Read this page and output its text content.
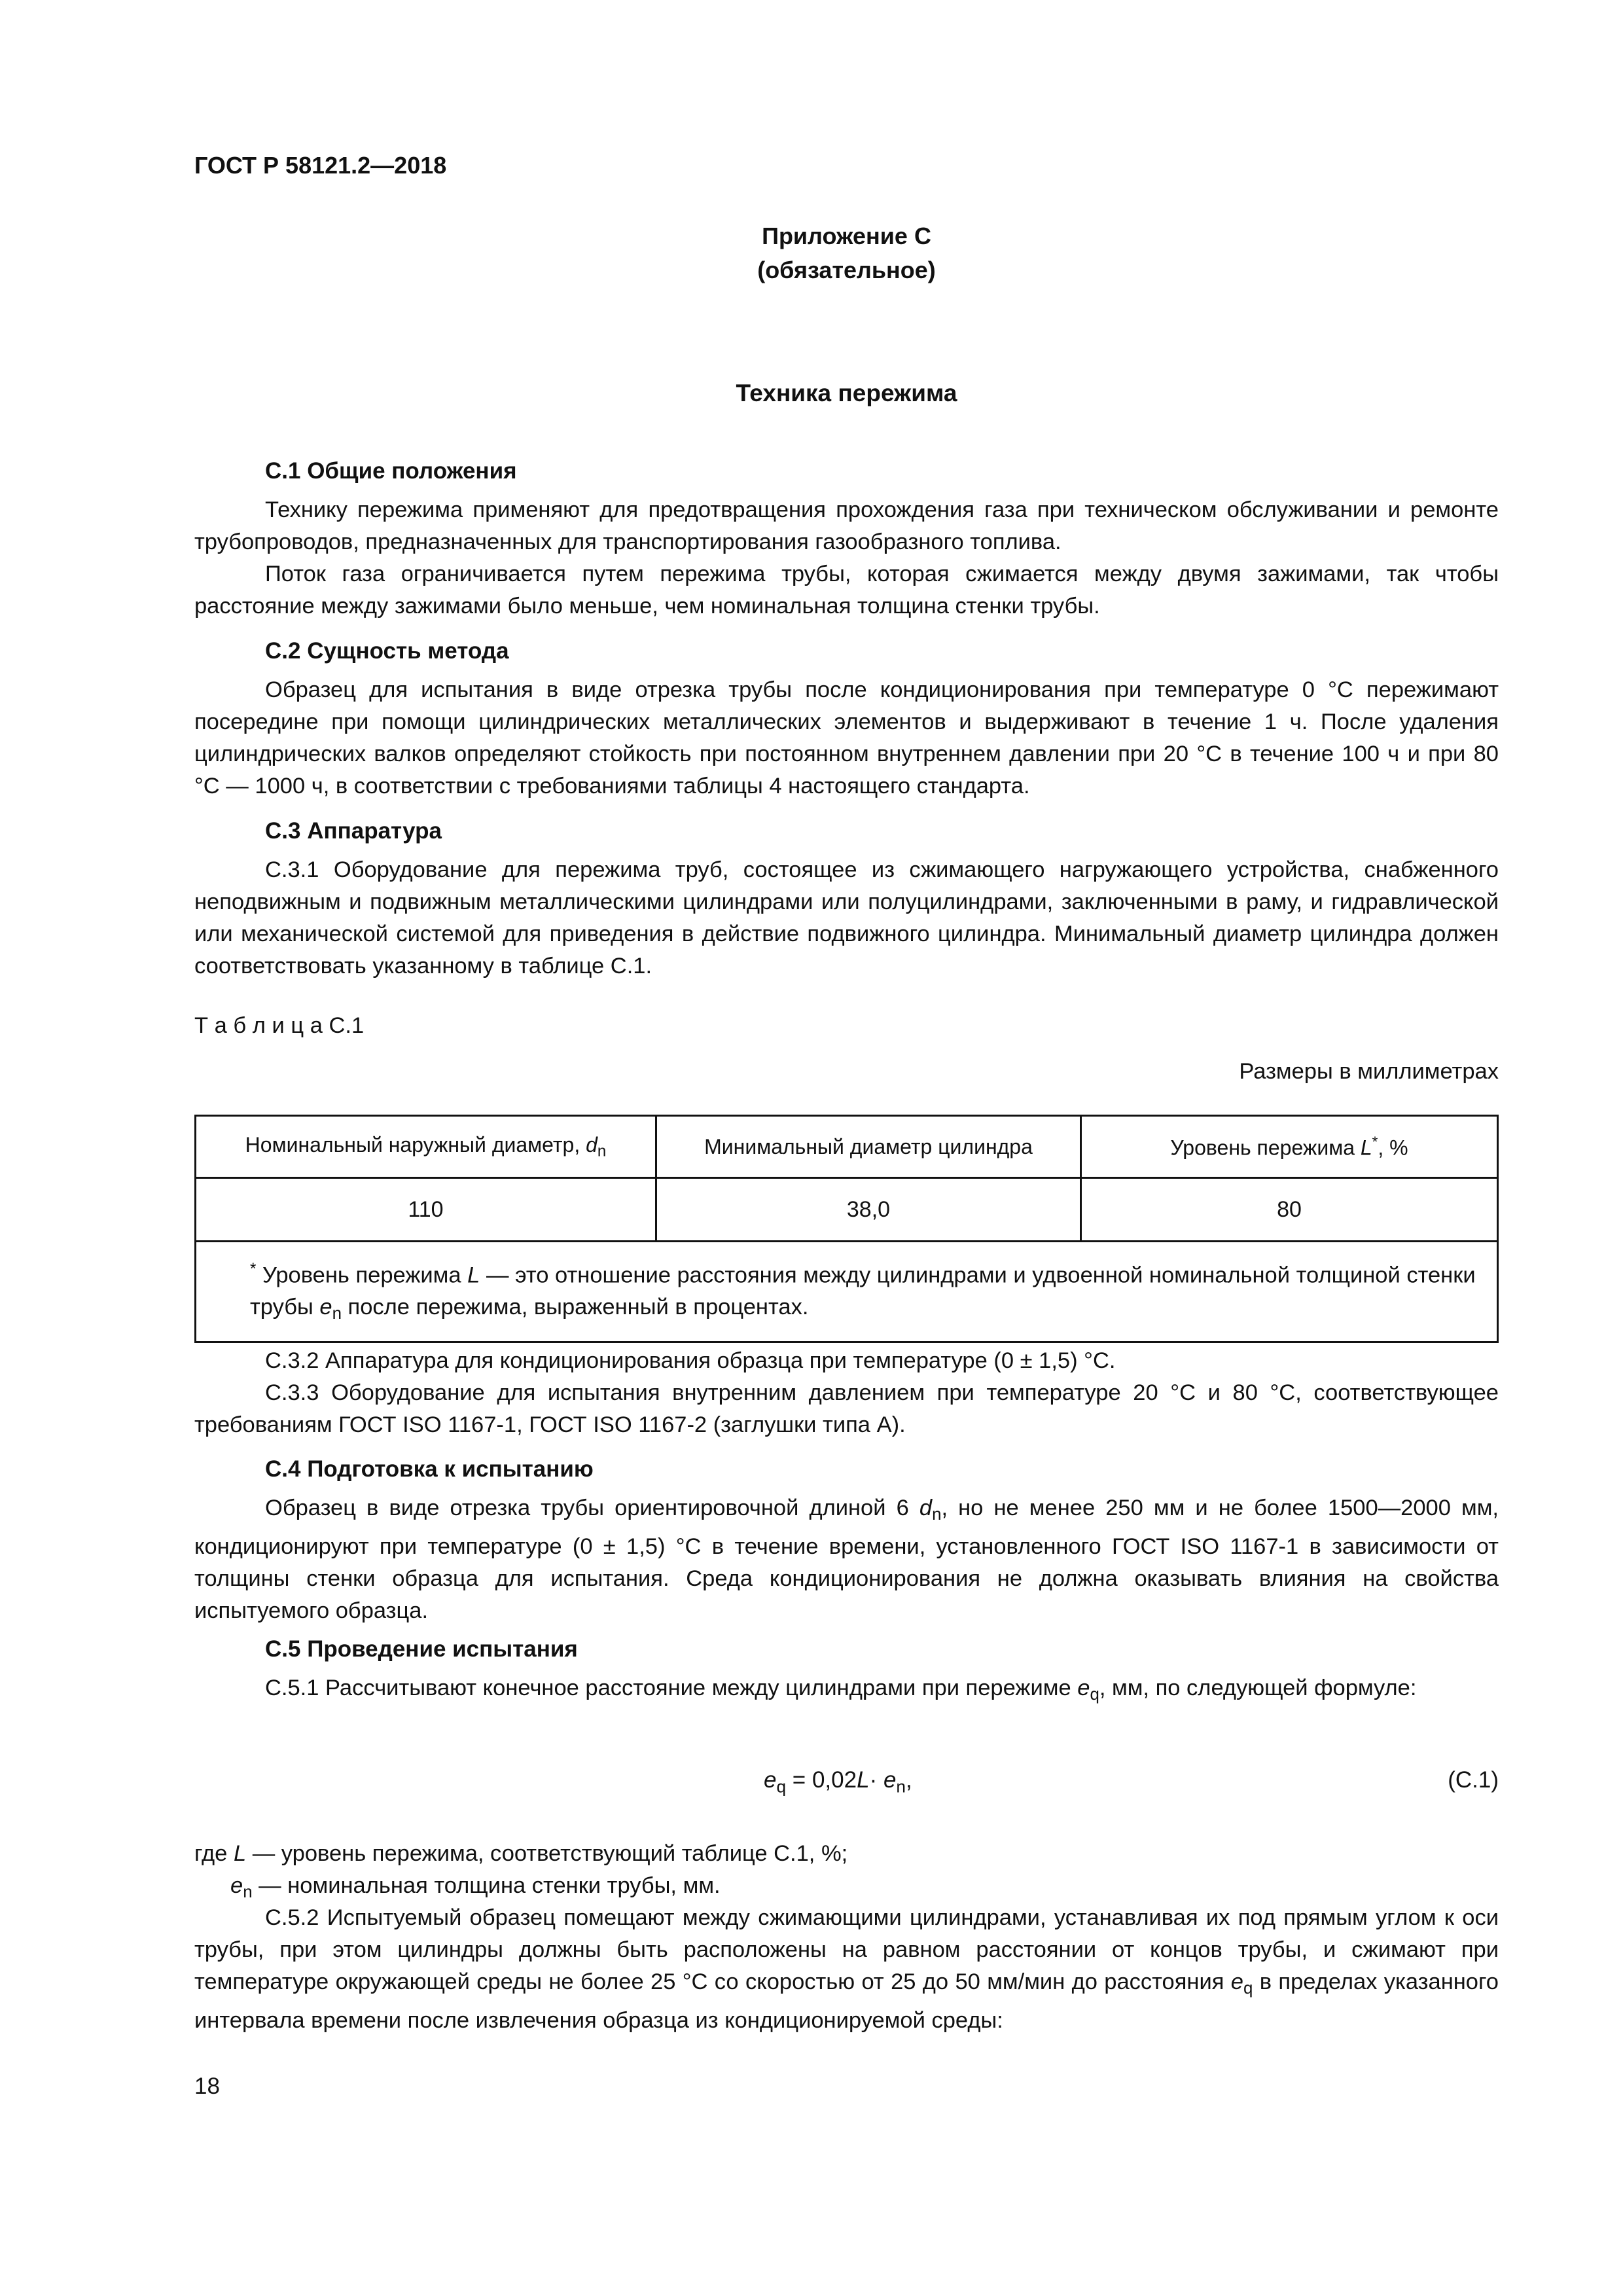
ГОСТ Р 58121.2—2018
Приложение С
(обязательное)
Техника пережима
С.1 Общие положения
Технику пережима применяют для предотвращения прохождения газа при техническом обслуживании и ремонте трубопроводов, предназначенных для транспортирования газообразного топлива.
Поток газа ограничивается путем пережима трубы, которая сжимается между двумя зажимами, так чтобы расстояние между зажимами было меньше, чем номинальная толщина стенки трубы.
С.2 Сущность метода
Образец для испытания в виде отрезка трубы после кондиционирования при температуре 0 °С пережимают посередине при помощи цилиндрических металлических элементов и выдерживают в течение 1 ч. После удаления цилиндрических валков определяют стойкость при постоянном внутреннем давлении при 20 °С в течение 100 ч и при 80 °С — 1000 ч, в соответствии с требованиями таблицы 4 настоящего стандарта.
С.3 Аппаратура
С.3.1 Оборудование для пережима труб, состоящее из сжимающего нагружающего устройства, снабженного неподвижным и подвижным металлическими цилиндрами или полуцилиндрами, заключенными в раму, и гидравлической или механической системой для приведения в действие подвижного цилиндра. Минимальный диаметр цилиндра должен соответствовать указанному в таблице С.1.
Т а б л и ц а С.1
Размеры в миллиметрах
Номинальный наружный диаметр, $d_n$	Минимальный диаметр цилиндра	Уровень пережима L*, %
110	38,0	80
* Уровень пережима L — это отношение расстояния между цилиндрами и удвоенной номинальной толщиной стенки трубы $e_n$ после пережима, выраженный в процентах.		
С.3.2 Аппаратура для кондиционирования образца при температуре (0 ± 1,5) °С.
С.3.3 Оборудование для испытания внутренним давлением при температуре 20 °С и 80 °С, соответствующее требованиям ГОСТ ISO 1167-1, ГОСТ ISO 1167-2 (заглушки типа А).
С.4 Подготовка к испытанию
Образец в виде отрезка трубы ориентировочной длиной 6 $d_n$, но не менее 250 мм и не более 1500—2000 мм, кондиционируют при температуре (0 ± 1,5) °С в течение времени, установленного ГОСТ ISO 1167-1 в зависимости от толщины стенки образца для испытания. Среда кондиционирования не должна оказывать влияния на свойства испытуемого образца.
С.5 Проведение испытания
С.5.1 Рассчитывают конечное расстояние между цилиндрами при пережиме $e_q$, мм, по следующей формуле:
$e_q = 0,02L\cdot e_n$,	(С.1)
где L — уровень пережима, соответствующий таблице С.1, %;
$e_n$ — номинальная толщина стенки трубы, мм.
С.5.2 Испытуемый образец помещают между сжимающими цилиндрами, устанавливая их под прямым углом к оси трубы, при этом цилиндры должны быть расположены на равном расстоянии от концов трубы, и сжимают при температуре окружающей среды не более 25 °С со скоростью от 25 до 50 мм/мин до расстояния $e_q$ в пределах указанного интервала времени после извлечения образца из кондиционируемой среды:
18
